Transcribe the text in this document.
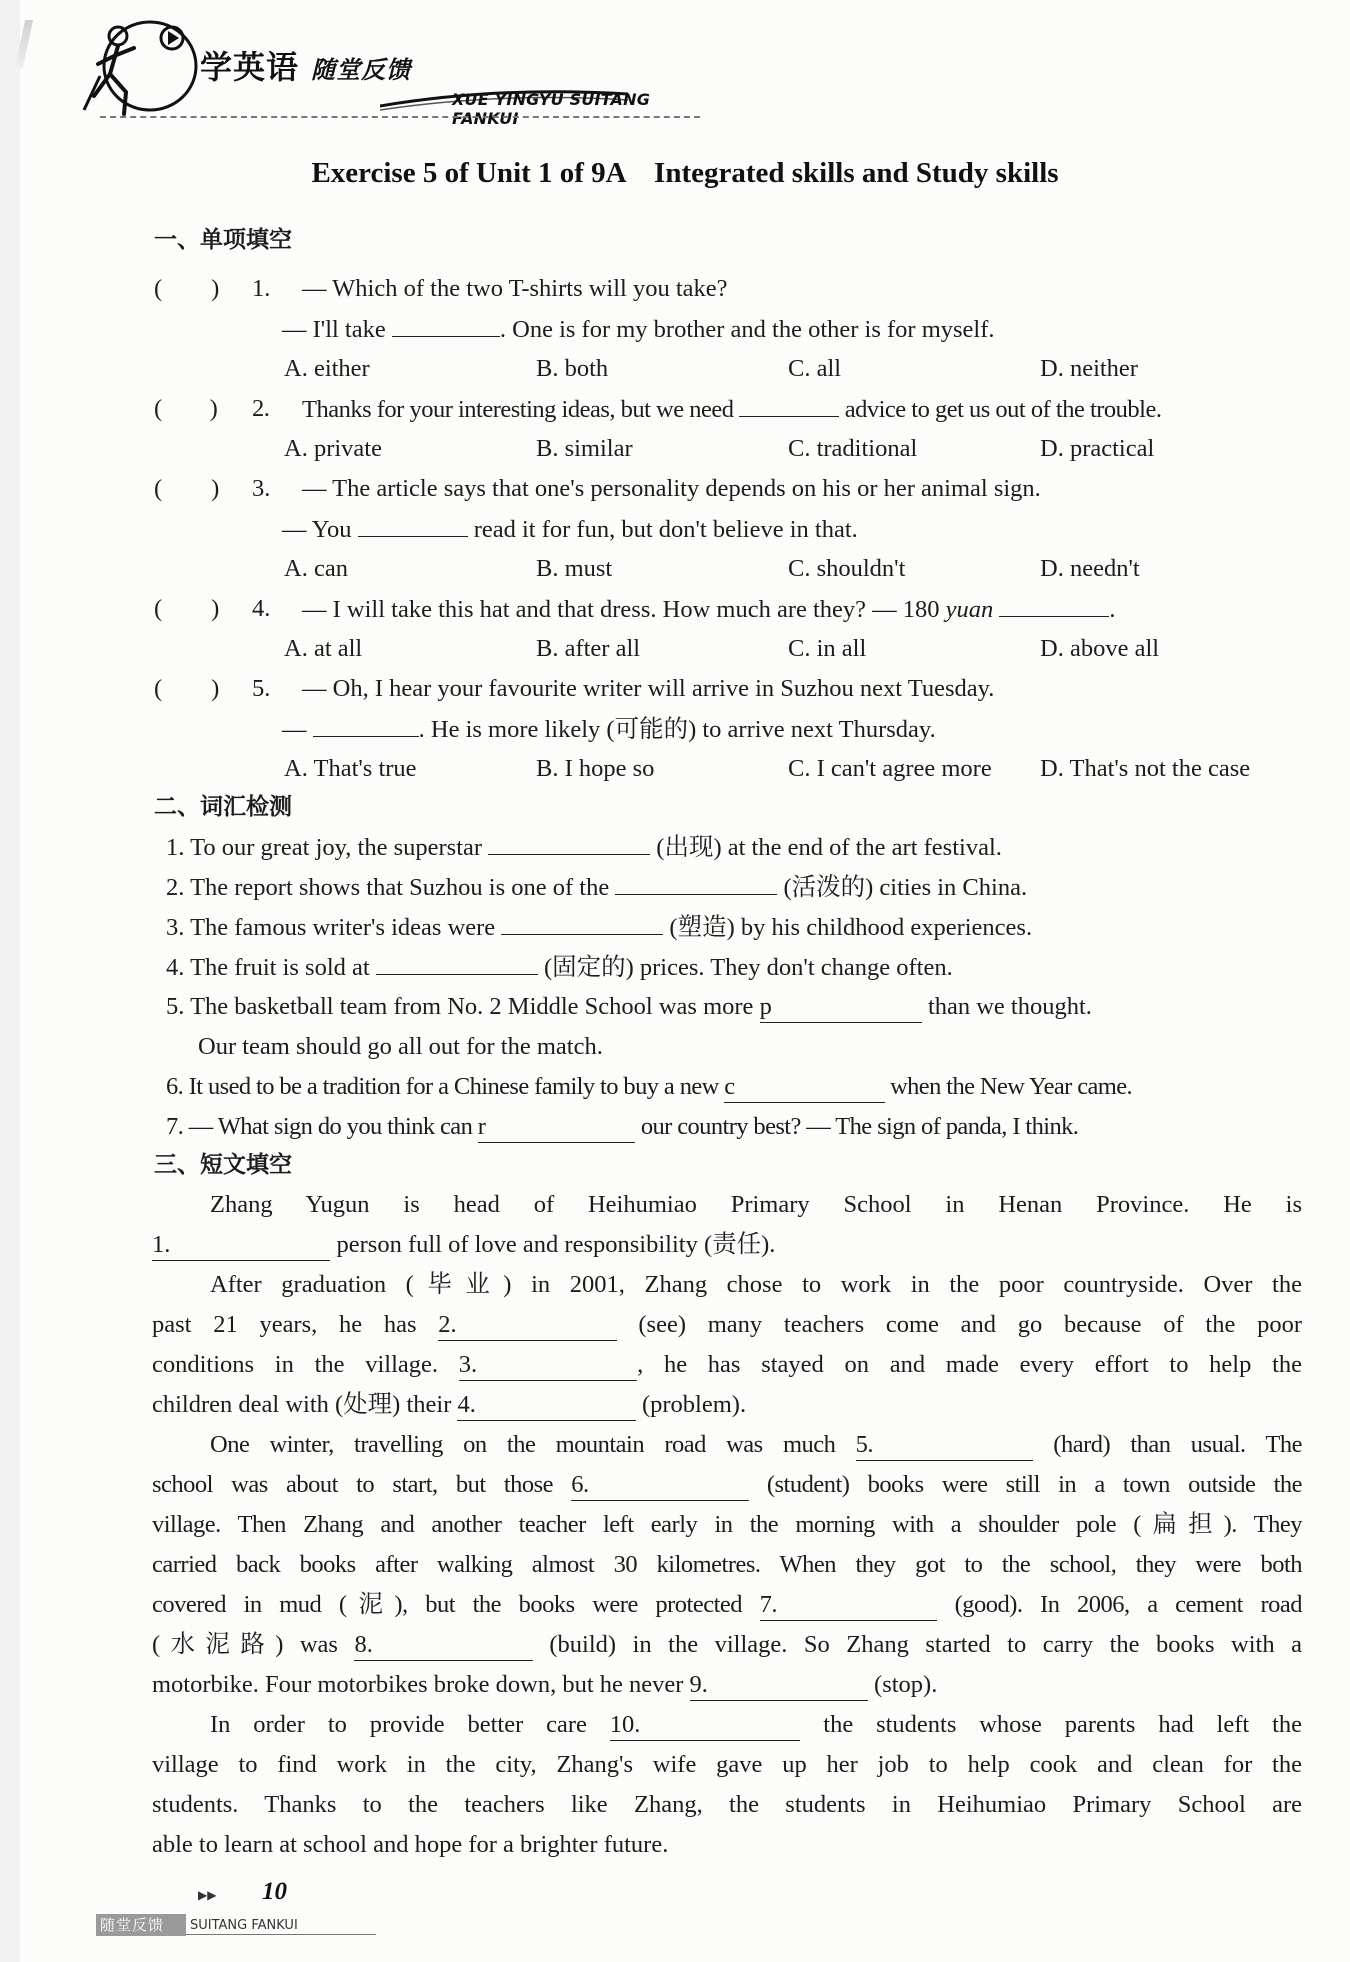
学英语 随堂反馈
XUE YINGYU SUITANG FANKUI
Exercise 5 of Unit 1 of 9A　Integrated skills and Study skills
一、单项填空
(　　) 1. — Which of the two T-shirts will you take?
— I'll take	. One is for my brother and the other is for myself.
A. either	B. both	C. all	D. neither
(　　) 2. Thanks for your interesting ideas, but we need	advice to get us out of the trouble.
A. private	B. similar	C. traditional	D. practical
(　　) 3. — The article says that one's personality depends on his or her animal sign.
— You	read it for fun, but don't believe in that.
A. can	B. must	C. shouldn't	D. needn't
(　　) 4. — I will take this hat and that dress. How much are they? — 180 yuan	.
A. at all	B. after all	C. in all	D. above all
(　　) 5. — Oh, I hear your favourite writer will arrive in Suzhou next Tuesday.
—	. He is more likely (可能的) to arrive next Thursday.
A. That's true	B. I hope so	C. I can't agree more D. That's not the case
二、词汇检测
1. To our great joy, the superstar	(出现) at the end of the art festival.
2. The report shows that Suzhou is one of the	(活泼的) cities in China.
3. The famous writer's ideas were	(塑造) by his childhood experiences.
4. The fruit is sold at	(固定的) prices. They don't change often.
5. The basketball team from No. 2 Middle School was more p	than we thought.
Our team should go all out for the match.
6. It used to be a tradition for a Chinese family to buy a new c	when the New Year came.
7. — What sign do you think can r	our country best? — The sign of panda, I think.
三、短文填空
Zhang Yugun is head of Heihumiao Primary School in Henan Province. He is
1.	person full of love and responsibility (责任).
After graduation (毕业) in 2001, Zhang chose to work in the poor countryside. Over the
past 21 years, he has 2.	(see) many teachers come and go because of the poor
conditions in the village. 3.	, he has stayed on and made every effort to help the
children deal with (处理) their 4.	(problem).
One winter, travelling on the mountain road was much 5.	(hard) than usual. The
school was about to start, but those 6.	(student) books were still in a town outside the
village. Then Zhang and another teacher left early in the morning with a shoulder pole (扁担). They
carried back books after walking almost 30 kilometres. When they got to the school, they were both
covered in mud (泥), but the books were protected 7.	(good). In 2006, a cement road
(水泥路) was 8.	(build) in the village. So Zhang started to carry the books with a
motorbike. Four motorbikes broke down, but he never 9.	(stop).
In order to provide better care 10.	the students whose parents had left the
village to find work in the city, Zhang's wife gave up her job to help cook and clean for the
students. Thanks to the teachers like Zhang, the students in Heihumiao Primary School are
able to learn at school and hope for a brighter future.
▶▶ 10
随堂反馈 SUITANG FANKUI
